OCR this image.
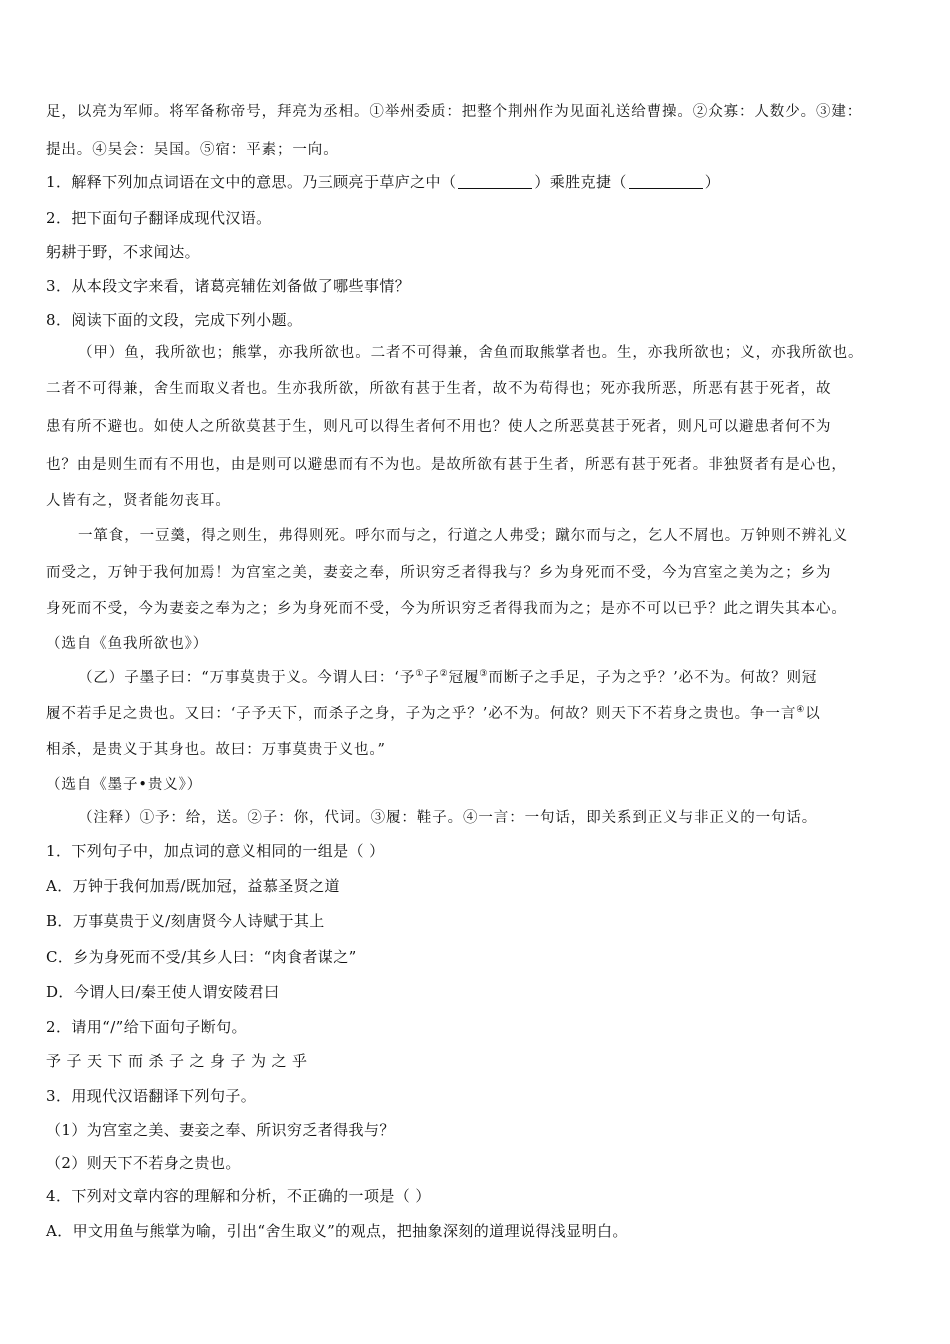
足，以亮为军师。将军备称帝号，拜亮为丞相。①举州委质：把整个荆州作为见面礼送给曹操。②众寡：人数少。③建：

提出。④吴会：吴国。⑤宿：平素；一向。

1．解释下列加点词语在文中的意思。乃三顾亮于草庐之中（	）乘胜克捷（	）

2．把下面句子翻译成现代汉语。

躬耕于野，不求闻达。

3．从本段文字来看，诸葛亮辅佐刘备做了哪些事情？

8．阅读下面的文段，完成下列小题。

（甲）鱼，我所欲也；熊掌，亦我所欲也。二者不可得兼，舍鱼而取熊掌者也。生，亦我所欲也；义，亦我所欲也。

二者不可得兼，舍生而取义者也。生亦我所欲，所欲有甚于生者，故不为苟得也；死亦我所恶，所恶有甚于死者，故

患有所不避也。如使人之所欲莫甚于生，则凡可以得生者何不用也？使人之所恶莫甚于死者，则凡可以避患者何不为

也？由是则生而有不用也，由是则可以避患而有不为也。是故所欲有甚于生者，所恶有甚于死者。非独贤者有是心也，

人皆有之，贤者能勿丧耳。

一箪食，一豆羹，得之则生，弗得则死。呼尔而与之，行道之人弗受；蹴尔而与之，乞人不屑也。万钟则不辨礼义

而受之，万钟于我何加焉！为宫室之美，妻妾之奉，所识穷乏者得我与？乡为身死而不受，今为宫室之美为之；乡为

身死而不受，今为妻妾之奉为之；乡为身死而不受，今为所识穷乏者得我而为之；是亦不可以已乎？此之谓失其本心。

（选自《鱼我所欲也》）

（乙）子墨子曰：“万事莫贵于义。今谓人曰：‘予①子②冠履③而断子之手足，子为之乎？’必不为。何故？则冠

履不若手足之贵也。又曰：‘子予天下，而杀子之身，子为之乎？’必不为。何故？则天下不若身之贵也。争一言④以

相杀，是贵义于其身也。故曰：万事莫贵于义也。”

（选自《墨子•贵义》）

（注释）①予：给，送。②子：你，代词。③履：鞋子。④一言：一句话，即关系到正义与非正义的一句话。

1．下列句子中，加点词的意义相同的一组是（ ）

A．万钟于我何加焉/既加冠，益慕圣贤之道

B．万事莫贵于义/刻唐贤今人诗赋于其上

C．乡为身死而不受/其乡人曰：“肉食者谋之”

D．今谓人曰/秦王使人谓安陵君曰

2．请用“/”给下面句子断句。

予子天下而杀子之身子为之乎

3．用现代汉语翻译下列句子。

（1）为宫室之美、妻妾之奉、所识穷乏者得我与？

（2）则天下不若身之贵也。

4．下列对文章内容的理解和分析，不正确的一项是（ ）

A．甲文用鱼与熊掌为喻，引出“舍生取义”的观点，把抽象深刻的道理说得浅显明白。
